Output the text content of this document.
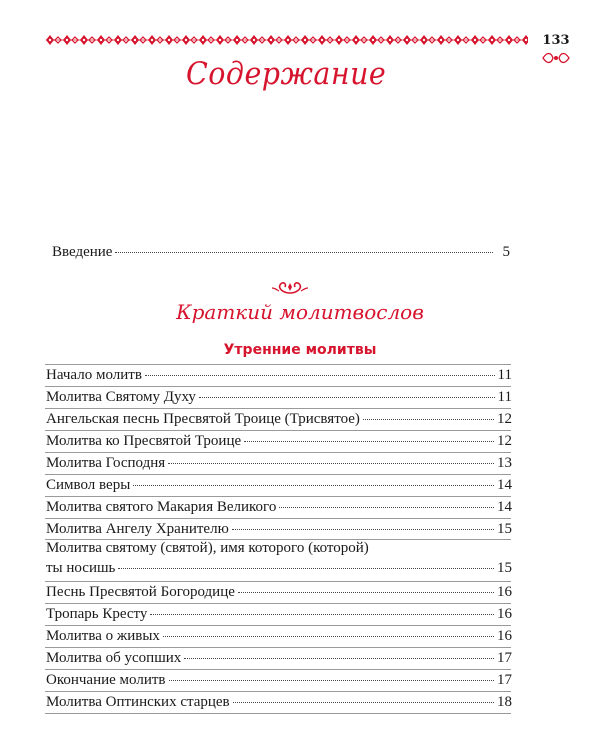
133
Содержание
Введение	5
Краткий молитвослов
Утренние молитвы
Начало молитв	11
Молитва Святому Духу	11
Ангельская песнь Пресвятой Троице (Трисвятое)	12
Молитва ко Пресвятой Троице	12
Молитва Господня	13
Символ веры	14
Молитва святого Макария Великого	14
Молитва Ангелу Хранителю	15
Молитва святому (святой), имя которого (которой)
ты носишь	15
Песнь Пресвятой Богородице	16
Тропарь Кресту	16
Молитва о живых	16
Молитва об усопших	17
Окончание молитв	17
Молитва Оптинских старцев	18
